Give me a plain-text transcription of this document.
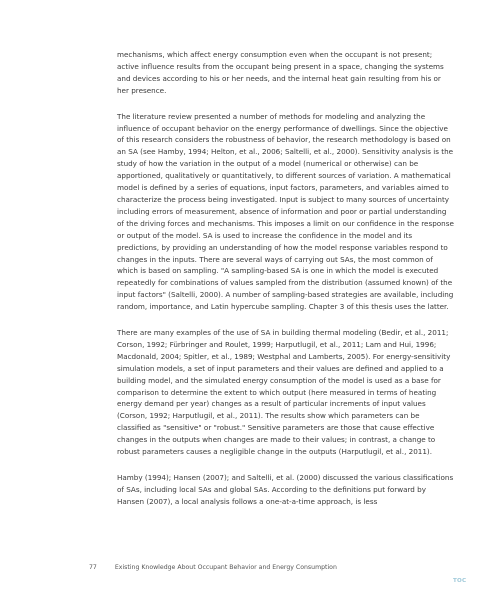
mechanisms, which affect energy consumption even when the occupant is not present; active influence results from the occupant being present in a space, changing the systems and devices according to his or her needs, and the internal heat gain resulting from his or her presence.

The literature review presented a number of methods for modeling and analyzing the influence of occupant behavior on the energy performance of dwellings. Since the objective of this research considers the robustness of behavior, the research methodology is based on an SA (see Hamby, 1994; Helton, et al., 2006; Saltelli, et al., 2000). Sensitivity analysis is the study of how the variation in the output of a model (numerical or otherwise) can be apportioned, qualitatively or quantitatively, to different sources of variation. A mathematical model is defined by a series of equations, input factors, parameters, and variables aimed to characterize the process being investigated. Input is subject to many sources of uncertainty including errors of measurement, absence of information and poor or partial understanding of the driving forces and mechanisms. This imposes a limit on our confidence in the response or output of the model. SA is used to increase the confidence in the model and its predictions, by providing an understanding of how the model response variables respond to changes in the inputs. There are several ways of carrying out SAs, the most common of which is based on sampling. "A sampling-based SA is one in which the model is executed repeatedly for combinations of values sampled from the distribution (assumed known) of the input factors" (Saltelli, 2000). A number of sampling-based strategies are available, including random, importance, and Latin hypercube sampling. Chapter 3 of this thesis uses the latter.

There are many examples of the use of SA in building thermal modeling (Bedir, et al., 2011; Corson, 1992; Fürbringer and Roulet, 1999; Harputlugil, et al., 2011; Lam and Hui, 1996; Macdonald, 2004; Spitler, et al., 1989; Westphal and Lamberts, 2005). For energy-sensitivity simulation models, a set of input parameters and their values are defined and applied to a building model, and the simulated energy consumption of the model is used as a base for comparison to determine the extent to which output (here measured in terms of heating energy demand per year) changes as a result of particular increments of input values (Corson, 1992; Harputlugil, et al., 2011). The results show which parameters can be classified as "sensitive" or "robust." Sensitive parameters are those that cause effective changes in the outputs when changes are made to their values; in contrast, a change to robust parameters causes a negligible change in the outputs (Harputlugil, et al., 2011).

Hamby (1994); Hansen (2007); and Saltelli, et al. (2000) discussed the various classifications of SAs, including local SAs and global SAs. According to the definitions put forward by Hansen (2007), a local analysis follows a one-at-a-time approach, is less

77	Existing Knowledge About Occupant Behavior and Energy Consumption
TOC
